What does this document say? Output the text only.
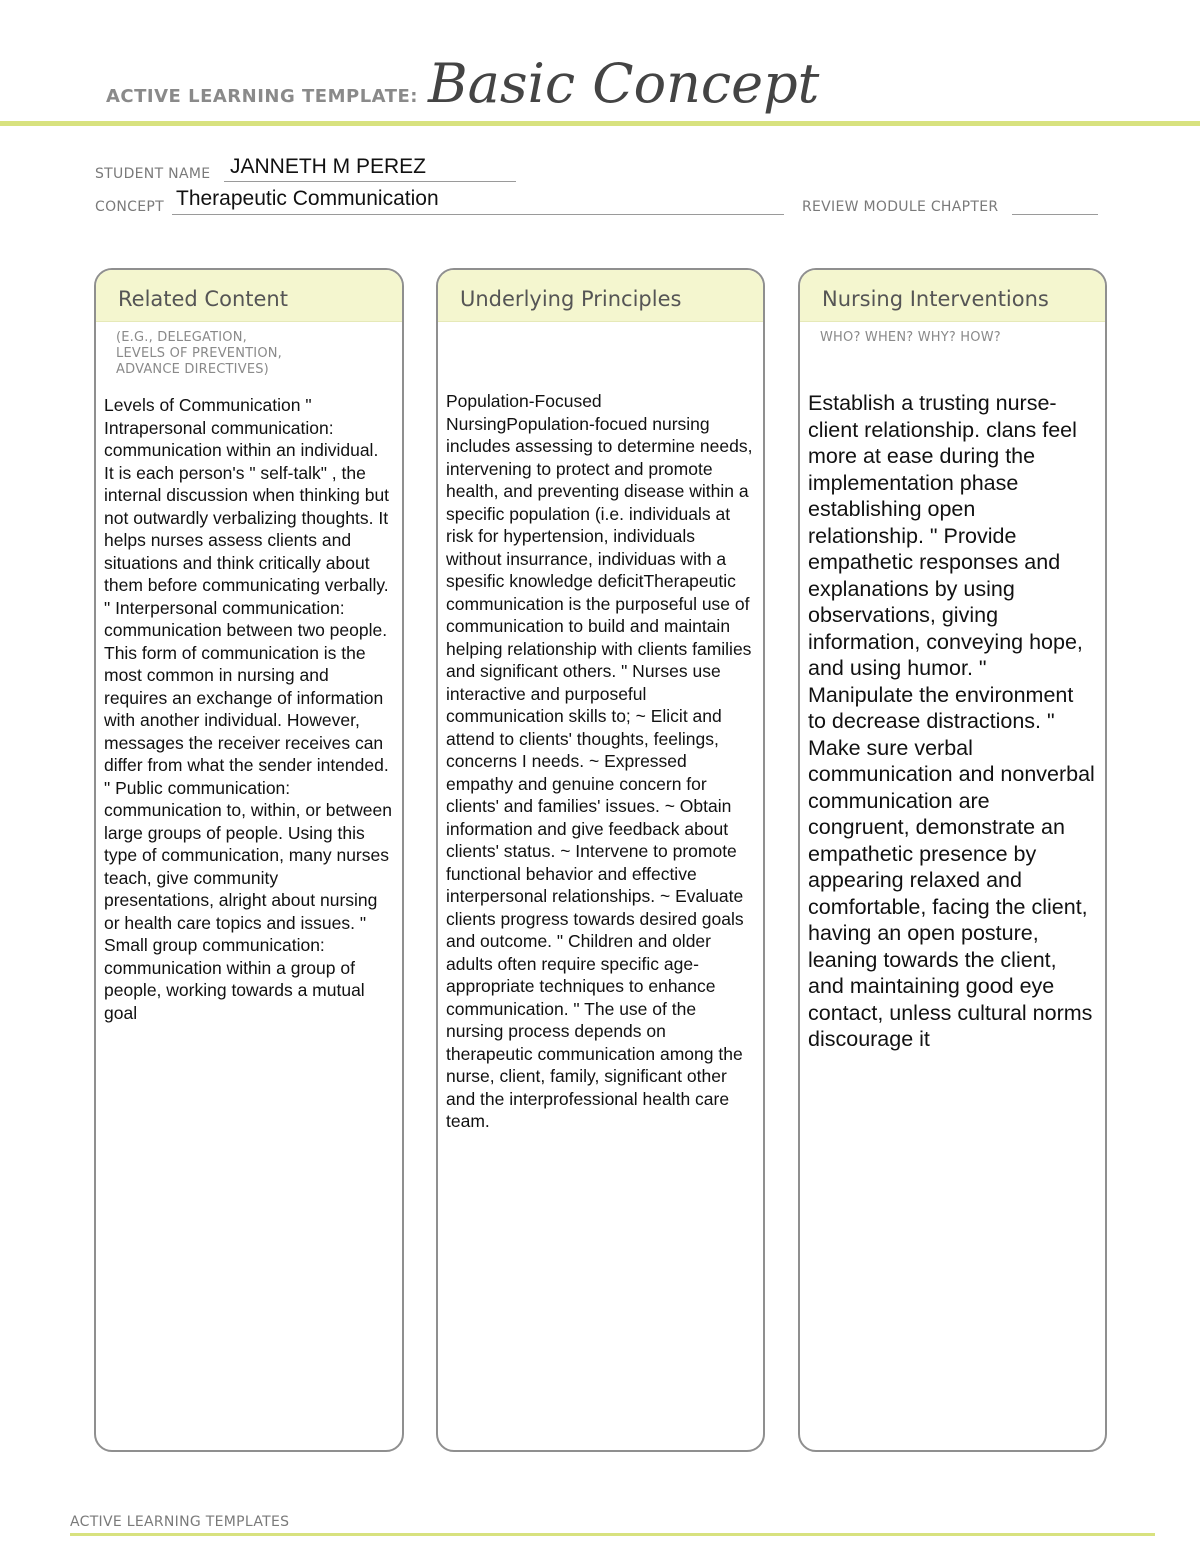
ACTIVE LEARNING TEMPLATE: Basic Concept
STUDENT NAME JANNETH M PEREZ
CONCEPT Therapeutic Communication	REVIEW MODULE CHAPTER
Related Content
(E.G., DELEGATION,
LEVELS OF PREVENTION,
ADVANCE DIRECTIVES)
Levels of Communication " Intrapersonal communication: communication within an individual. It is each person's " self-talk" , the internal discussion when thinking but not outwardly verbalizing thoughts. It helps nurses assess clients and situations and think critically about them before communicating verbally. " Interpersonal communication: communication between two people. This form of communication is the most common in nursing and requires an exchange of information with another individual. However, messages the receiver receives can differ from what the sender intended. " Public communication: communication to, within, or between large groups of people. Using this type of communication, many nurses teach, give community presentations, alright about nursing or health care topics and issues. " Small group communication: communication within a group of people, working towards a mutual goal
Underlying Principles
Population-Focused NursingPopulation-focued nursing includes assessing to determine needs, intervening to protect and promote health, and preventing disease within a specific population (i.e. individuals at risk for hypertension, individuals without insurrance, individuas with a spesific knowledge deficitTherapeutic communication is the purposeful use of communication to build and maintain helping relationship with clients families and significant others. " Nurses use interactive and purposeful communication skills to; ~ Elicit and attend to clients' thoughts, feelings, concerns I needs. ~ Expressed empathy and genuine concern for clients' and families' issues. ~ Obtain information and give feedback about clients' status. ~ Intervene to promote functional behavior and effective interpersonal relationships. ~ Evaluate clients progress towards desired goals and outcome. " Children and older adults often require specific age-appropriate techniques to enhance communication. " The use of the nursing process depends on therapeutic communication among the nurse, client, family, significant other and the interprofessional health care team.
Nursing Interventions
WHO? WHEN? WHY? HOW?
Establish a trusting nurse-client relationship. clans feel more at ease during the implementation phase establishing open relationship. " Provide empathetic responses and explanations by using observations, giving information, conveying hope, and using humor. " Manipulate the environment to decrease distractions. " Make sure verbal communication and nonverbal communication are congruent, demonstrate an empathetic presence by appearing relaxed and comfortable, facing the client, having an open posture, leaning towards the client, and maintaining good eye contact, unless cultural norms discourage it
ACTIVE LEARNING TEMPLATES
